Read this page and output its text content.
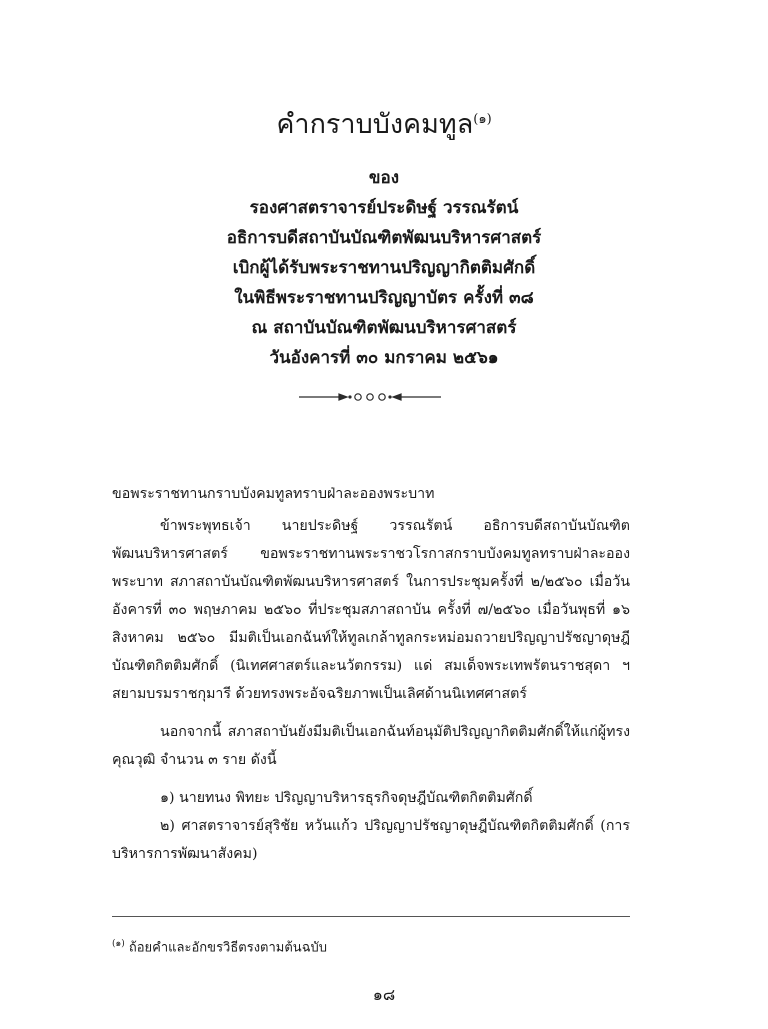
คำกราบบังคมทูล$^{(๑)}$
ของ
รองศาสตราจารย์ประดิษฐ์ วรรณรัตน์
อธิการบดีสถาบันบัณฑิตพัฒนบริหารศาสตร์
เบิกผู้ได้รับพระราชทานปริญญากิตติมศักดิ์
ในพิธีพระราชทานปริญญาบัตร ครั้งที่ ๓๘
ณ สถาบันบัณฑิตพัฒนบริหารศาสตร์
วันอังคารที่ ๓๐ มกราคม ๒๕๖๑

ขอพระราชทานกราบบังคมทูลทราบฝ่าละอองพระบาท

ข้าพระพุทธเจ้า นายประดิษฐ์ วรรณรัตน์ อธิการบดีสถาบันบัณฑิตพัฒนบริหารศาสตร์ ขอพระราชทานพระราชวโรกาสกราบบังคมทูลทราบฝ่าละอองพระบาท สภาสถาบันบัณฑิตพัฒนบริหารศาสตร์ ในการประชุมครั้งที่ ๒/๒๕๖๐ เมื่อวันอังคารที่ ๓๐ พฤษภาคม ๒๕๖๐ ที่ประชุมสภาสถาบัน ครั้งที่ ๗/๒๕๖๐ เมื่อวันพุธที่ ๑๖ สิงหาคม ๒๕๖๐ มีมติเป็นเอกฉันท์ให้ทูลเกล้าทูลกระหม่อมถวายปริญญาปรัชญาดุษฎีบัณฑิตกิตติมศักดิ์ (นิเทศศาสตร์และนวัตกรรม) แด่ สมเด็จพระเทพรัตนราชสุดา ฯ สยามบรมราชกุมารี ด้วยทรงพระอัจฉริยภาพเป็นเลิศด้านนิเทศศาสตร์

นอกจากนี้ สภาสถาบันยังมีมติเป็นเอกฉันท์อนุมัติปริญญากิตติมศักดิ์ให้แก่ผู้ทรงคุณวุฒิ จำนวน ๓ ราย ดังนี้

๑) นายทนง พิทยะ ปริญญาบริหารธุรกิจดุษฎีบัณฑิตกิตติมศักดิ์

๒) ศาสตราจารย์สุริชัย หวันแก้ว ปริญญาปรัชญาดุษฎีบัณฑิตกิตติมศักดิ์ (การบริหารการพัฒนาสังคม)

$^{(๑)}$ ถ้อยคำและอักขรวิธีตรงตามต้นฉบับ
๑๘
